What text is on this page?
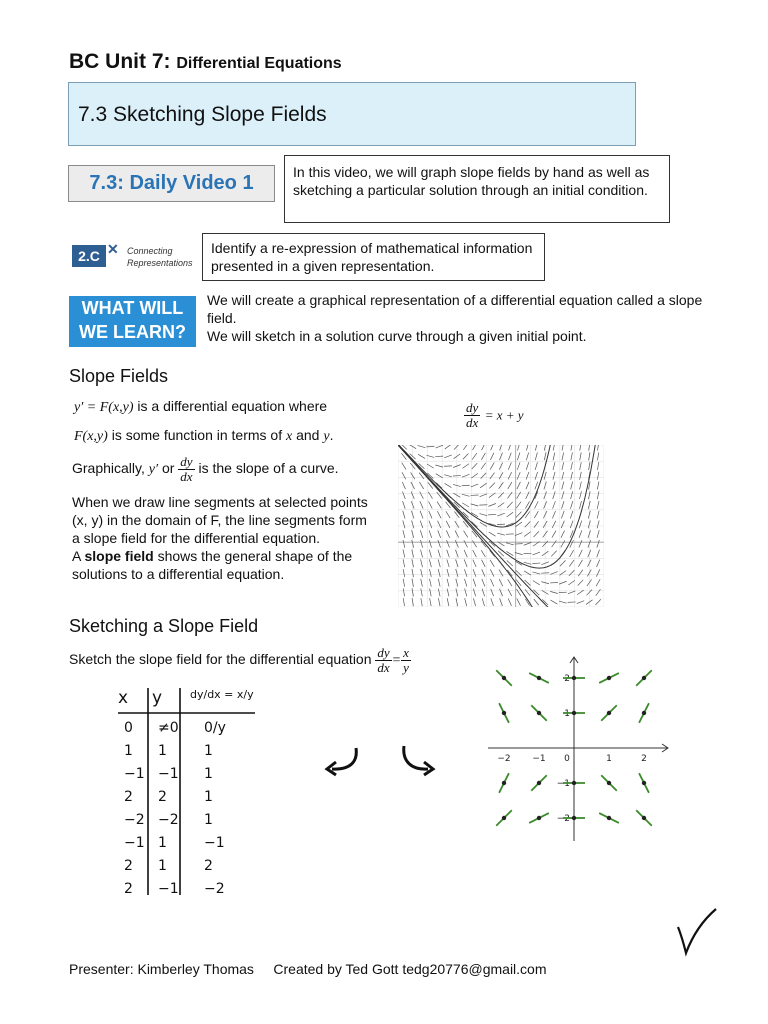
BC Unit 7: Differential Equations
7.3 Sketching Slope Fields
7.3: Daily Video 1	In this video, we will graph slope fields by hand as well as sketching a particular solution through an initial condition.
2.C ✕ Connecting
Representations
Identify a re-expression of mathematical information presented in a given representation.
WHAT WILL
WE LEARN?
We will create a graphical representation of a differential equation called a slope field.
We will sketch in a solution curve through a given initial point.
Slope Fields
y′ = F(x,y) is a differential equation where
F(x,y) is some function in terms of x and y.
Graphically, y′ or $\frac{dy}{dx}$ is the slope of a curve.
When we draw line segments at selected points (x, y) in the domain of F, the line segments form a slope field for the differential equation.
A slope field shows the general shape of the solutions to a differential equation.
$\frac{dy}{dx} = x + y$
Sketching a Slope Field
Sketch the slope field for the differential equation $\frac{dy}{dx} = \frac{x}{y}$
x y	dy/dx = x/y
0 ≠0 0/y
1 1	1
−1 −1 1
2 2	1
−2 −2 1
−1 1	−1
2 1	2
2 −1 −2
−2 −1 0	1	2
2
1
−1
−2
Presenter: Kimberley Thomas Created by Ted Gott tedg20776@gmail.com
